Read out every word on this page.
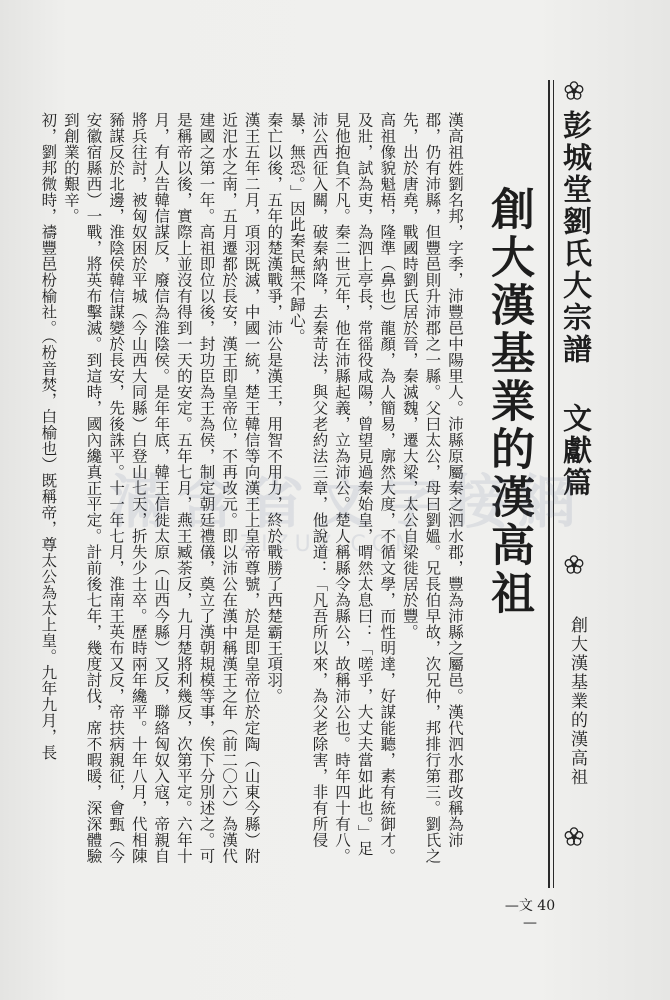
彭城堂劉氏大宗譜 文獻篇
創大漢基業的漢高祖
創大漢基業的漢高祖

漢高祖姓劉名邦，字季，沛豐邑中陽里人。沛縣原屬秦之泗水郡，豐為沛縣之屬邑。漢代泗水郡改稱為沛郡，仍有沛縣，但豐邑則升沛郡之一縣。父曰太公，母曰劉媼。兄長伯早故，次兄仲，邦排行第三。劉氏之先，出於唐堯，戰國時劉氏居於晉，秦滅魏，遷大梁，太公自梁徙居於豐。

高祖像貌魁梧，隆準（鼻也）龍顏，為人簡易，廓然大度，不循文學，而性明達，好謀能聽，素有統御才。及壯，試為吏，為泗上亭長，常徭役咸陽，曾望見過秦始皇，喟然太息曰：「嗟乎，大丈夫當如此也。」足見他抱負不凡。秦二世元年，他在沛縣起義，立為沛公。楚人稱縣令為縣公，故稱沛公也。時年四十有八。沛公西征入關，破秦納降，去秦苛法，與父老約法三章，他說道：「凡吾所以來，為父老除害，非有所侵暴，無恐。」因此秦民無不歸心。

秦亡以後，五年的楚漢戰爭，沛公是漢王，用智不用力，終於戰勝了西楚霸王項羽。

漢王五年二月，項羽既滅，中國一統，楚王韓信等向漢王上皇帝尊號，於是即皇帝位於定陶（山東今縣）附近汜水之南，五月遷都於長安，漢王即皇帝位，不再改元。即以沛公在漢中稱漢王之年（前二〇六）為漢代建國之第一年。高祖即位以後，封功臣為王為侯，制定朝廷禮儀，奠立了漢朝規模等事，俟下分別述之。可是稱帝以後，實際上並沒有得到一天的安定。五年七月，燕王臧荼反，九月楚將利幾反，次第平定。六年十月，有人告韓信謀反，廢信為淮陰侯。是年年底，韓王信徙太原（山西今縣）又反，聯絡匈奴入寇，帝親自將兵往討，被匈奴困於平城（今山西大同縣）白登山七天，折失少士卒。歷時兩年纔平。十年八月，代相陳豨謀反於北邊，淮陰侯韓信謀變於長安，先後誅平。十一年七月，淮南王英布又反，帝扶病親征，會甄（今安徽宿縣西）一戰，將英布擊滅。到這時，國內纔真正平定。計前後七年，幾度討伐，席不暇暖，深深體驗到創業的艱辛。

初，劉邦微時，禱豐邑枌榆社。（枌音焚，白榆也）既稱帝，尊太公為太上皇。九年九月，長 滿含省文字接網
ZIZUZ.COM
—文 40 —
